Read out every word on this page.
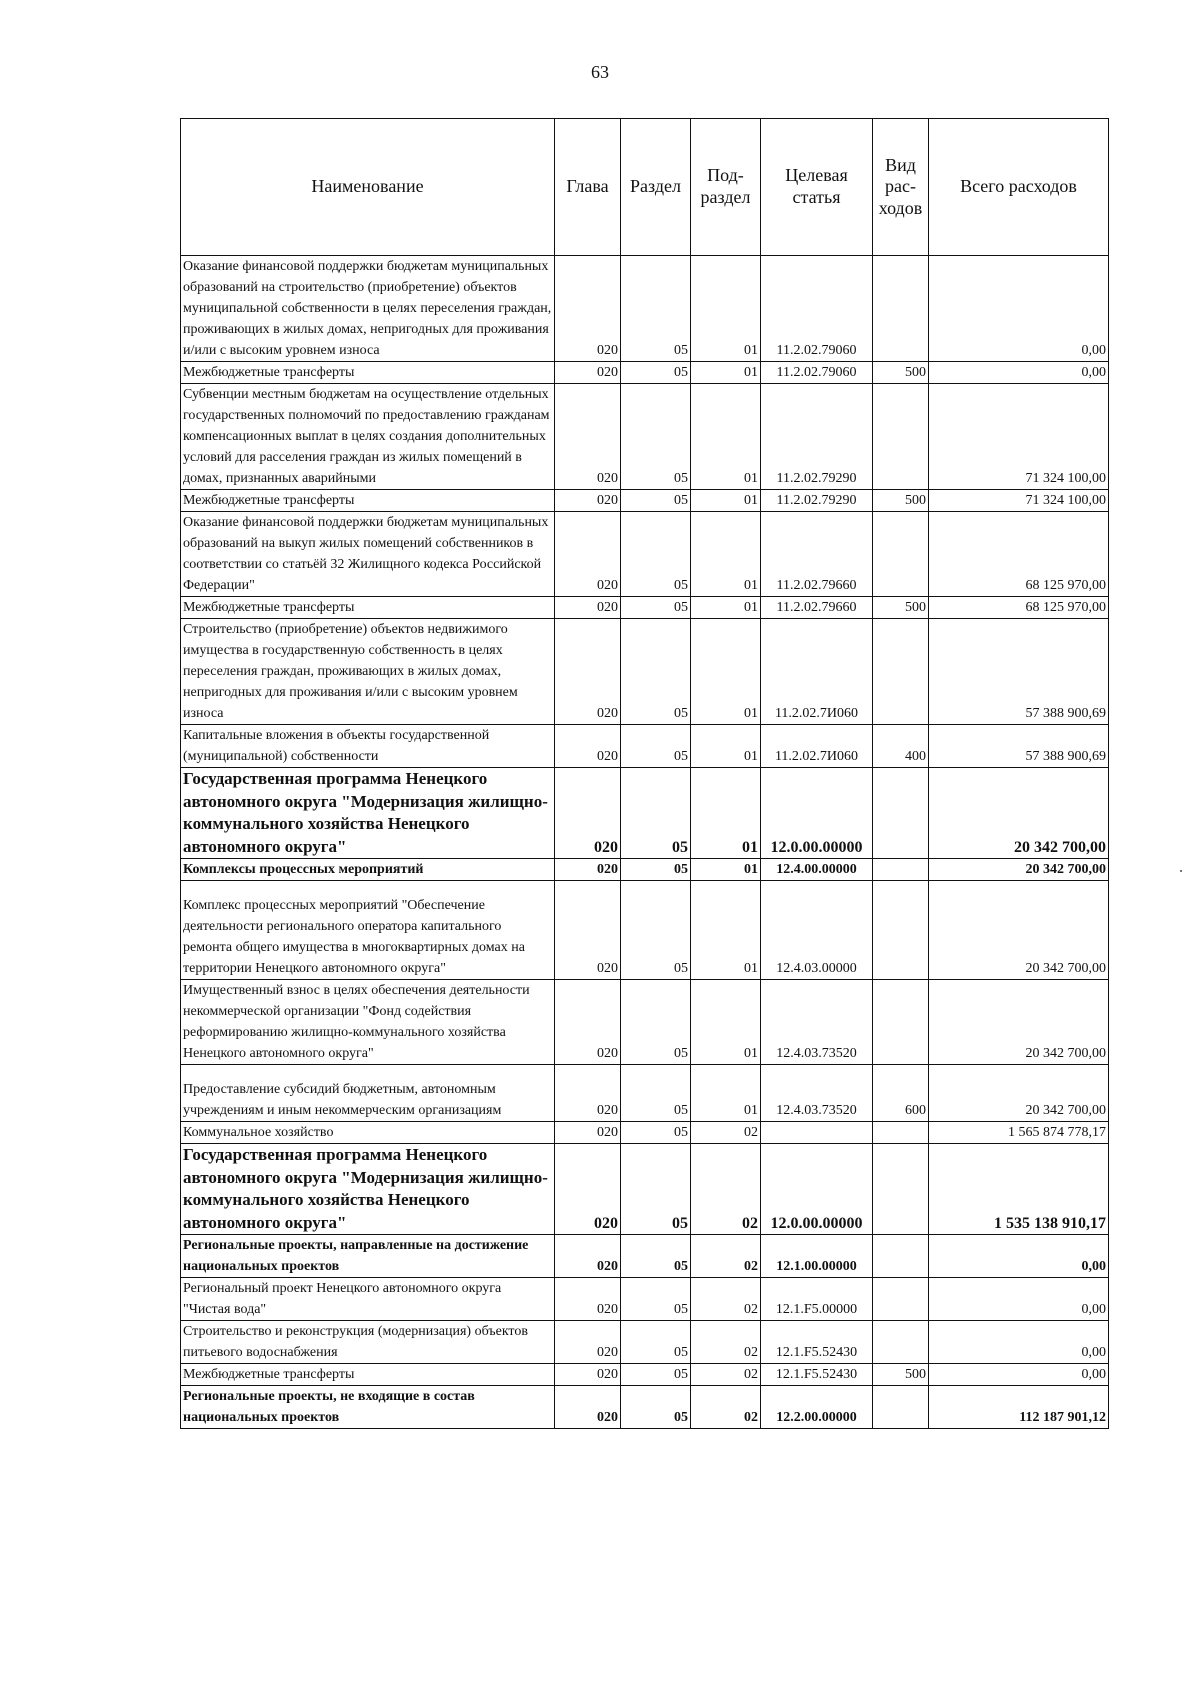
63
Наименование	Глава	Раздел	Под-раздел	Целевая статья	Вид рас-ходов	Всего расходов
Оказание финансовой поддержки бюджетам муниципальных образований на строительство (приобретение) объектов муниципальной собственности в целях переселения граждан, проживающих в жилых домах, непригодных для проживания и/или с высоким уровнем износа	020	05	01	11.2.02.79060		0,00
Межбюджетные трансферты	020	05	01	11.2.02.79060	500	0,00
Субвенции местным бюджетам на осуществление отдельных государственных полномочий по предоставлению гражданам компенсационных выплат в целях создания дополнительных условий для расселения граждан из жилых помещений в домах, признанных аварийными	020	05	01	11.2.02.79290		71 324 100,00
Межбюджетные трансферты	020	05	01	11.2.02.79290	500	71 324 100,00
Оказание финансовой поддержки бюджетам муниципальных образований на выкуп жилых помещений собственников в соответствии со статьёй 32 Жилищного кодекса Российской Федерации"	020	05	01	11.2.02.79660		68 125 970,00
Межбюджетные трансферты	020	05	01	11.2.02.79660	500	68 125 970,00
Строительство (приобретение) объектов недвижимого имущества в государственную собственность в целях переселения граждан, проживающих в жилых домах, непригодных для проживания и/или с высоким уровнем износа	020	05	01	11.2.02.7И060		57 388 900,69
Капитальные вложения в объекты государственной (муниципальной) собственности	020	05	01	11.2.02.7И060	400	57 388 900,69
Государственная программа Ненецкого автономного округа "Модернизация жилищно-коммунального хозяйства Ненецкого автономного округа"	020	05	01	12.0.00.00000		20 342 700,00
Комплексы процессных мероприятий	020	05	01	12.4.00.00000		20 342 700,00
Комплекс процессных мероприятий "Обеспечение деятельности регионального оператора капитального ремонта общего имущества в многоквартирных домах на территории Ненецкого автономного округа"	020	05	01	12.4.03.00000		20 342 700,00
Имущественный взнос в целях обеспечения деятельности некоммерческой организации "Фонд содействия реформированию жилищно-коммунального хозяйства Ненецкого автономного округа"	020	05	01	12.4.03.73520		20 342 700,00
Предоставление субсидий бюджетным, автономным учреждениям и иным некоммерческим организациям	020	05	01	12.4.03.73520	600	20 342 700,00
Коммунальное хозяйство	020	05	02			1 565 874 778,17
Государственная программа Ненецкого автономного округа "Модернизация жилищно-коммунального хозяйства Ненецкого автономного округа"	020	05	02	12.0.00.00000		1 535 138 910,17
Региональные проекты, направленные на достижение национальных проектов	020	05	02	12.1.00.00000		0,00
Региональный проект Ненецкого автономного округа "Чистая вода"	020	05	02	12.1.F5.00000		0,00
Строительство и реконструкция (модернизация) объектов питьевого водоснабжения	020	05	02	12.1.F5.52430		0,00
Межбюджетные трансферты	020	05	02	12.1.F5.52430	500	0,00
Региональные проекты, не входящие в состав национальных проектов	020	05	02	12.2.00.00000		112 187 901,12
